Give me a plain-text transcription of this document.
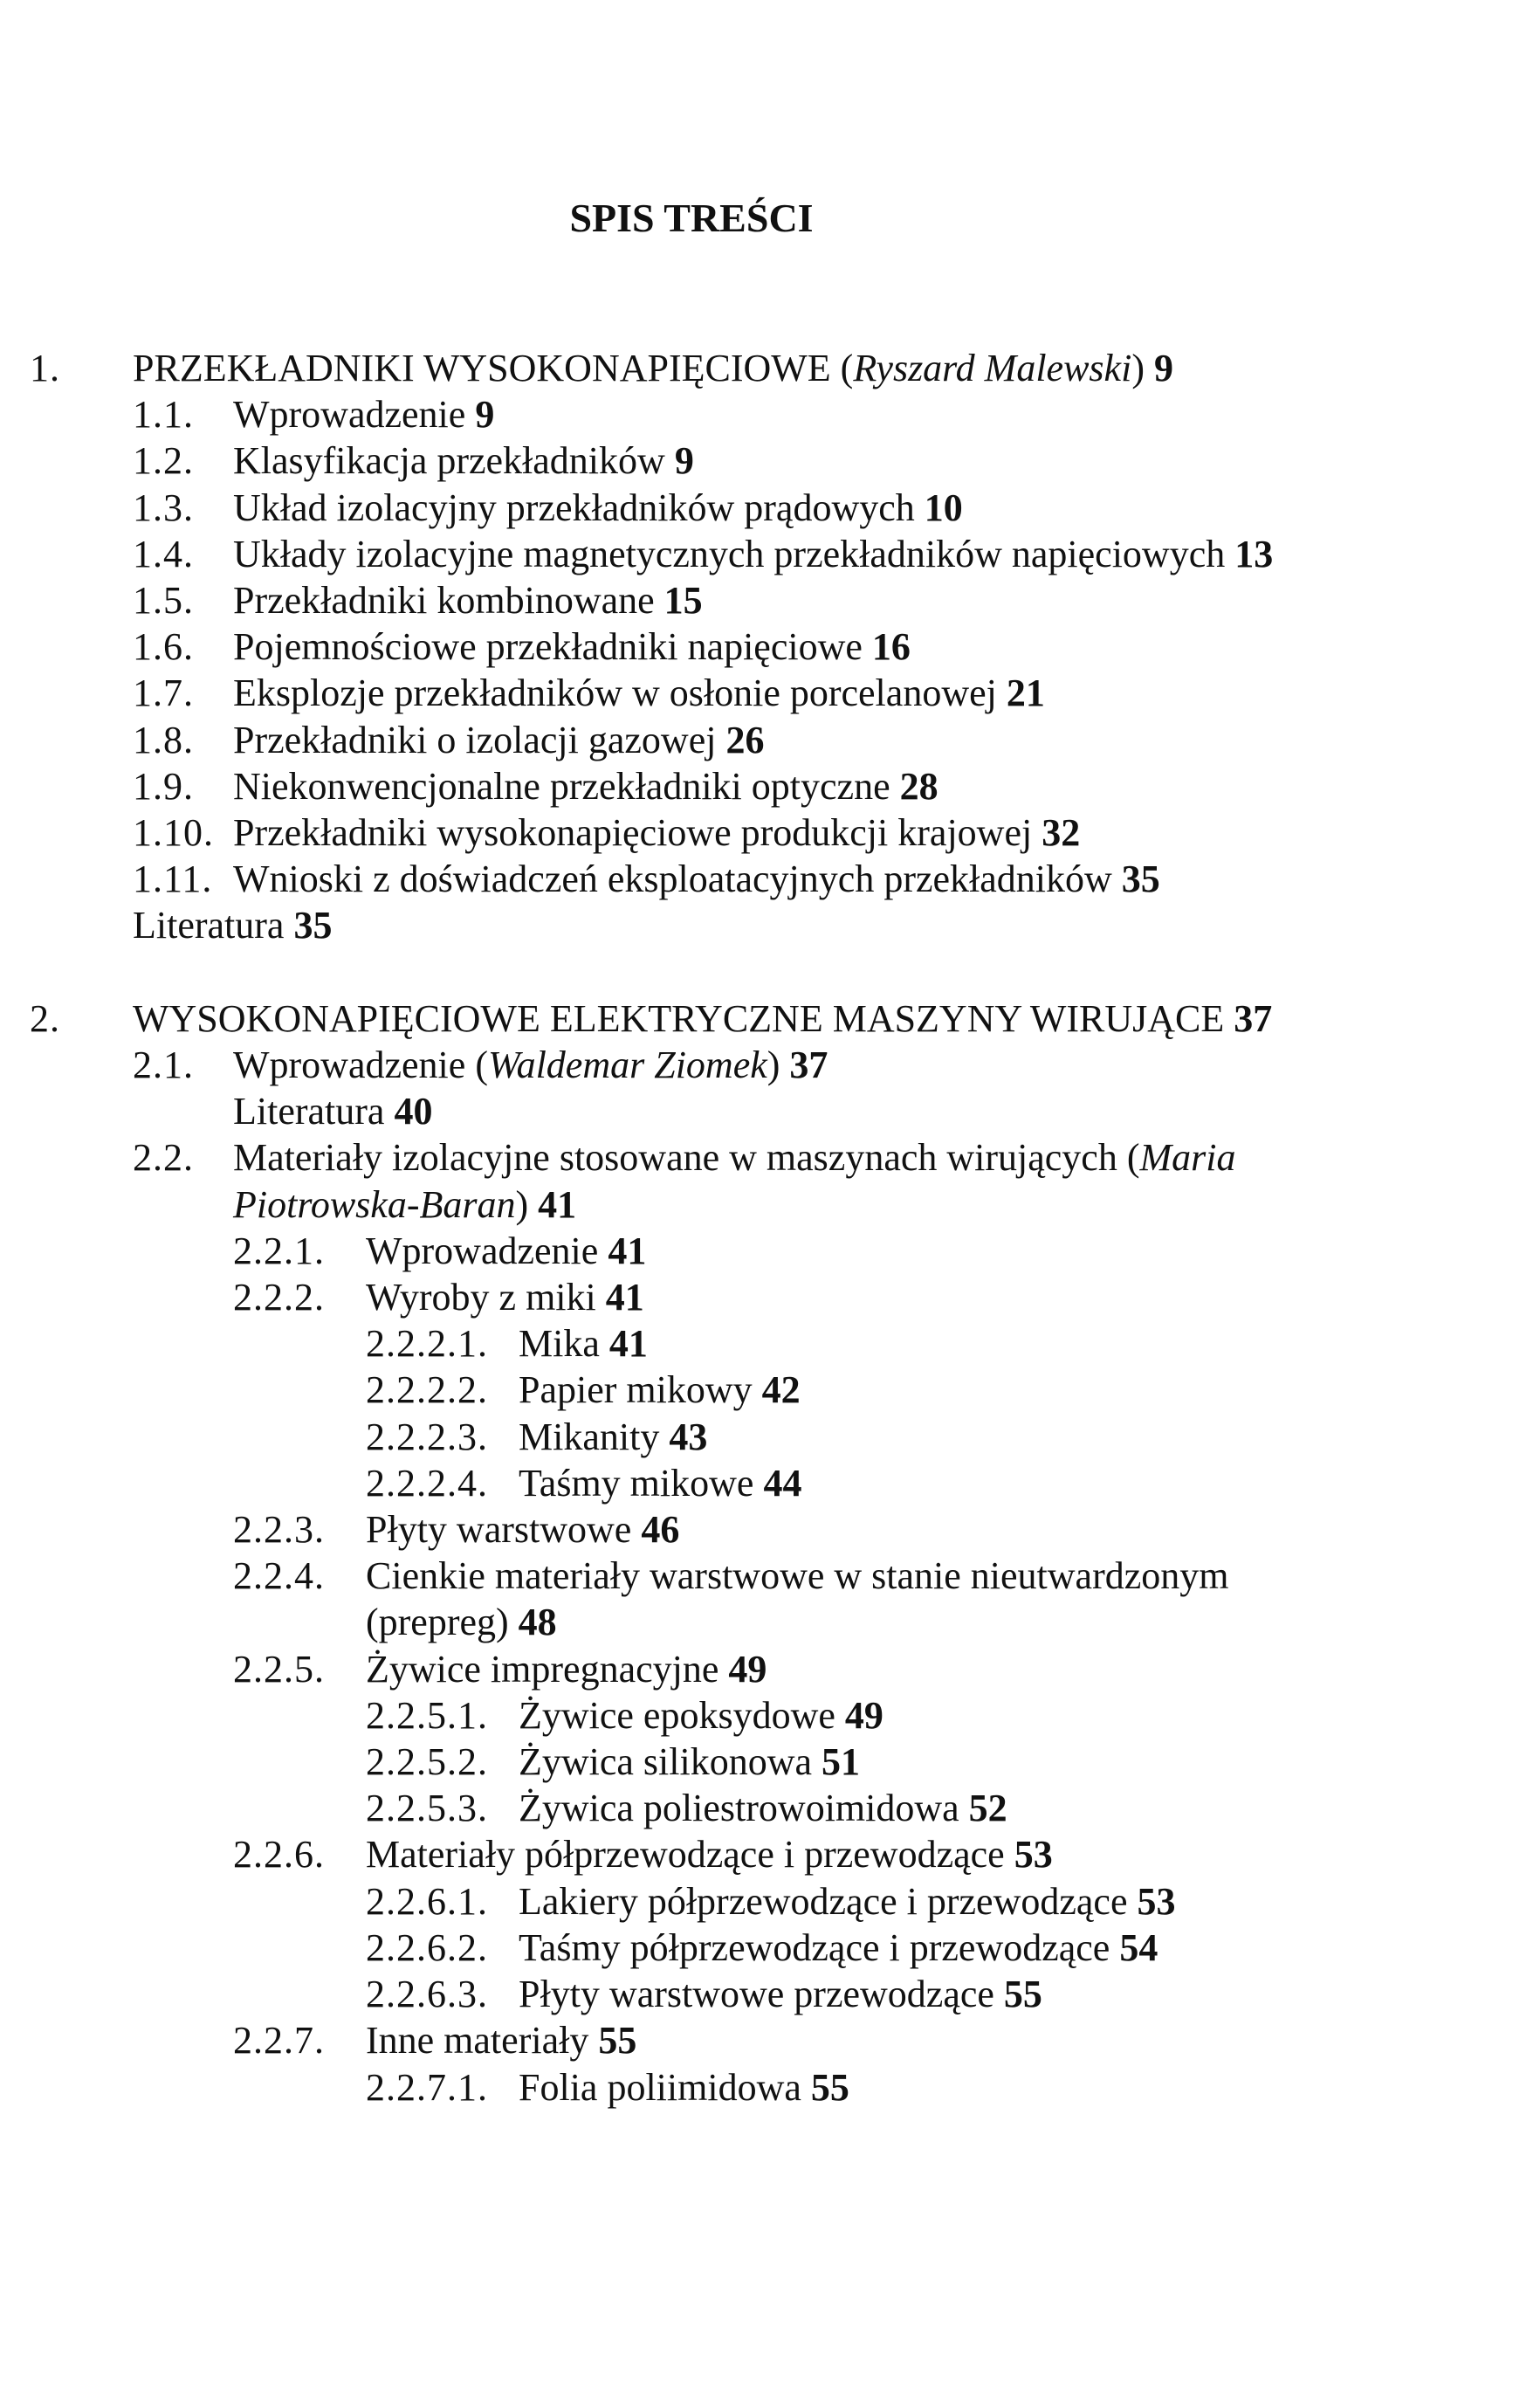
SPIS TREŚCI
1. PRZEKŁADNIKI WYSOKONAPIĘCIOWE (Ryszard Malewski) 9
1.1. Wprowadzenie 9
1.2. Klasyfikacja przekładników 9
1.3. Układ izolacyjny przekładników prądowych 10
1.4. Układy izolacyjne magnetycznych przekładników napięciowych 13
1.5. Przekładniki kombinowane 15
1.6. Pojemnościowe przekładniki napięciowe 16
1.7. Eksplozje przekładników w osłonie porcelanowej 21
1.8. Przekładniki o izolacji gazowej 26
1.9. Niekonwencjonalne przekładniki optyczne 28
1.10. Przekładniki wysokonapięciowe produkcji krajowej 32
1.11. Wnioski z doświadczeń eksploatacyjnych przekładników 35
Literatura 35
2. WYSOKONAPIĘCIOWE ELEKTRYCZNE MASZYNY WIRUJĄCE 37
2.1. Wprowadzenie (Waldemar Ziomek) 37
Literatura 40
2.2. Materiały izolacyjne stosowane w maszynach wirujących (Maria
Piotrowska-Baran) 41
2.2.1. Wprowadzenie 41
2.2.2. Wyroby z miki 41
2.2.2.1. Mika 41
2.2.2.2. Papier mikowy 42
2.2.2.3. Mikanity 43
2.2.2.4. Taśmy mikowe 44
2.2.3. Płyty warstwowe 46
2.2.4. Cienkie materiały warstwowe w stanie nieutwardzonym
(prepreg) 48
2.2.5. Żywice impregnacyjne 49
2.2.5.1. Żywice epoksydowe 49
2.2.5.2. Żywica silikonowa 51
2.2.5.3. Żywica poliestrowoimidowa 52
2.2.6. Materiały półprzewodzące i przewodzące 53
2.2.6.1. Lakiery półprzewodzące i przewodzące 53
2.2.6.2. Taśmy półprzewodzące i przewodzące 54
2.2.6.3. Płyty warstwowe przewodzące 55
2.2.7. Inne materiały 55
2.2.7.1. Folia poliimidowa 55
